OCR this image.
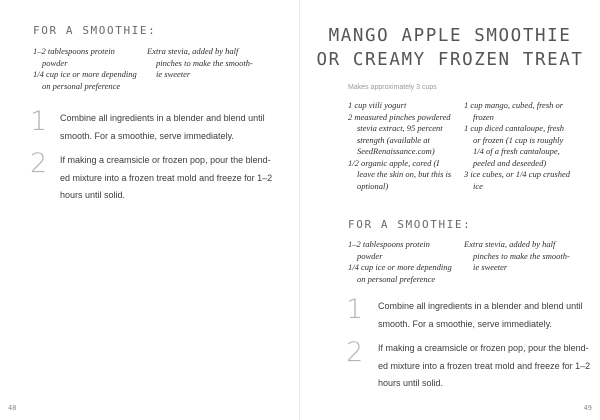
FOR A SMOOTHIE:
1–2 tablespoons protein
powder
1/4 cup ice or more depending
on personal preference
Extra stevia, added by half
pinches to make the smooth-
ie sweeter
1 Combine all ingredients in a blender and blend until
smooth. For a smoothie, serve immediately.
2 If making a creamsicle or frozen pop, pour the blend-
ed mixture into a frozen treat mold and freeze for 1–2
hours until solid.
48
MANGO APPLE SMOOTHIE
OR CREAMY FROZEN TREAT
Makes approximately 3 cups
1 cup viili yogurt
2 measured pinches powdered
stevia extract, 95 percent
strength (available at
SeedRenaissance.com)
1/2 organic apple, cored (I
leave the skin on, but this is
optional)
1 cup mango, cubed, fresh or
frozen
1 cup diced cantaloupe, fresh
or frozen (1 cup is roughly
1/4 of a fresh cantaloupe,
peeled and deseeded)
3 ice cubes, or 1/4 cup crushed
ice
FOR A SMOOTHIE:
1–2 tablespoons protein
powder
1/4 cup ice or more depending
on personal preference
Extra stevia, added by half
pinches to make the smooth-
ie sweeter
1 Combine all ingredients in a blender and blend until
smooth. For a smoothie, serve immediately.
2 If making a creamsicle or frozen pop, pour the blend-
ed mixture into a frozen treat mold and freeze for 1–2
hours until solid.
49
